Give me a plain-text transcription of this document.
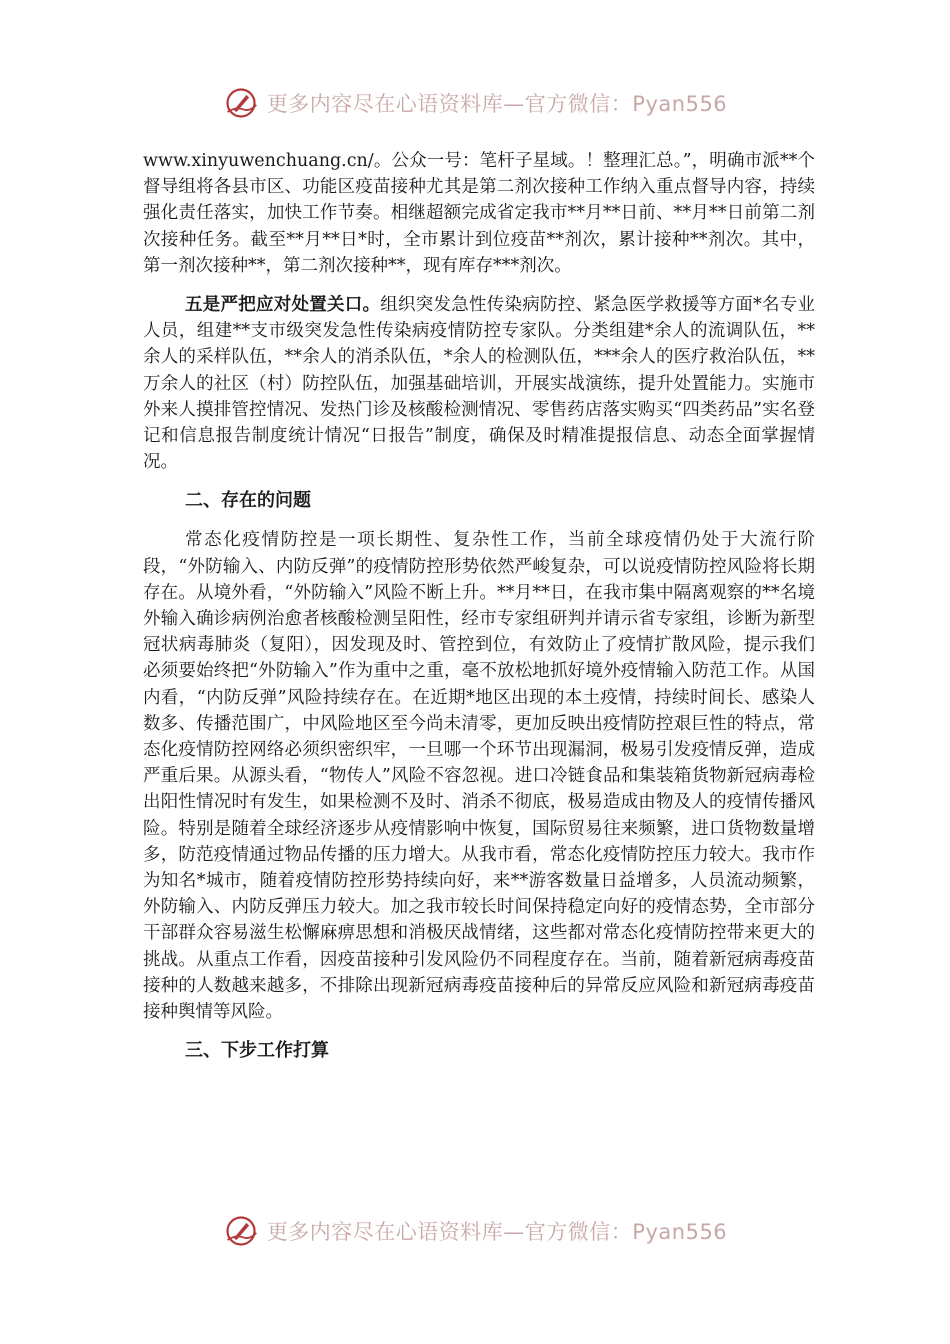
更多内容尽在心语资料库—官方微信：Pyan556

www.xinyuwenchuang.cn/。公众一号：笔杆子星域。！整理汇总。”，明确市派**个督导组将各县市区、功能区疫苗接种尤其是第二剂次接种工作纳入重点督导内容，持续强化责任落实，加快工作节奏。相继超额完成省定我市**月**日前、**月**日前第二剂次接种任务。截至**月**日*时，全市累计到位疫苗**剂次，累计接种**剂次。其中，第一剂次接种**，第二剂次接种**，现有库存***剂次。

五是严把应对处置关口。组织突发急性传染病防控、紧急医学救援等方面*名专业人员，组建**支市级突发急性传染病疫情防控专家队。分类组建*余人的流调队伍，**余人的采样队伍，**余人的消杀队伍，*余人的检测队伍，***余人的医疗救治队伍，**万余人的社区（村）防控队伍，加强基础培训，开展实战演练，提升处置能力。实施市外来人摸排管控情况、发热门诊及核酸检测情况、零售药店落实购买“四类药品”实名登记和信息报告制度统计情况“日报告”制度，确保及时精准提报信息、动态全面掌握情况。

二、存在的问题

常态化疫情防控是一项长期性、复杂性工作，当前全球疫情仍处于大流行阶段，“外防输入、内防反弹”的疫情防控形势依然严峻复杂，可以说疫情防控风险将长期存在。从境外看，“外防输入”风险不断上升。**月**日，在我市集中隔离观察的**名境外输入确诊病例治愈者核酸检测呈阳性，经市专家组研判并请示省专家组，诊断为新型冠状病毒肺炎（复阳），因发现及时、管控到位，有效防止了疫情扩散风险，提示我们必须要始终把“外防输入”作为重中之重，毫不放松地抓好境外疫情输入防范工作。从国内看，“内防反弹”风险持续存在。在近期*地区出现的本土疫情，持续时间长、感染人数多、传播范围广，中风险地区至今尚未清零，更加反映出疫情防控艰巨性的特点，常态化疫情防控网络必须织密织牢，一旦哪一个环节出现漏洞，极易引发疫情反弹，造成严重后果。从源头看，“物传人”风险不容忽视。进口冷链食品和集装箱货物新冠病毒检出阳性情况时有发生，如果检测不及时、消杀不彻底，极易造成由物及人的疫情传播风险。特别是随着全球经济逐步从疫情影响中恢复，国际贸易往来频繁，进口货物数量增多，防范疫情通过物品传播的压力增大。从我市看，常态化疫情防控压力较大。我市作为知名*城市，随着疫情防控形势持续向好，来**游客数量日益增多，人员流动频繁，外防输入、内防反弹压力较大。加之我市较长时间保持稳定向好的疫情态势，全市部分干部群众容易滋生松懈麻痹思想和消极厌战情绪，这些都对常态化疫情防控带来更大的挑战。从重点工作看，因疫苗接种引发风险仍不同程度存在。当前，随着新冠病毒疫苗接种的人数越来越多，不排除出现新冠病毒疫苗接种后的异常反应风险和新冠病毒疫苗接种舆情等风险。

三、下步工作打算

更多内容尽在心语资料库—官方微信：Pyan556
